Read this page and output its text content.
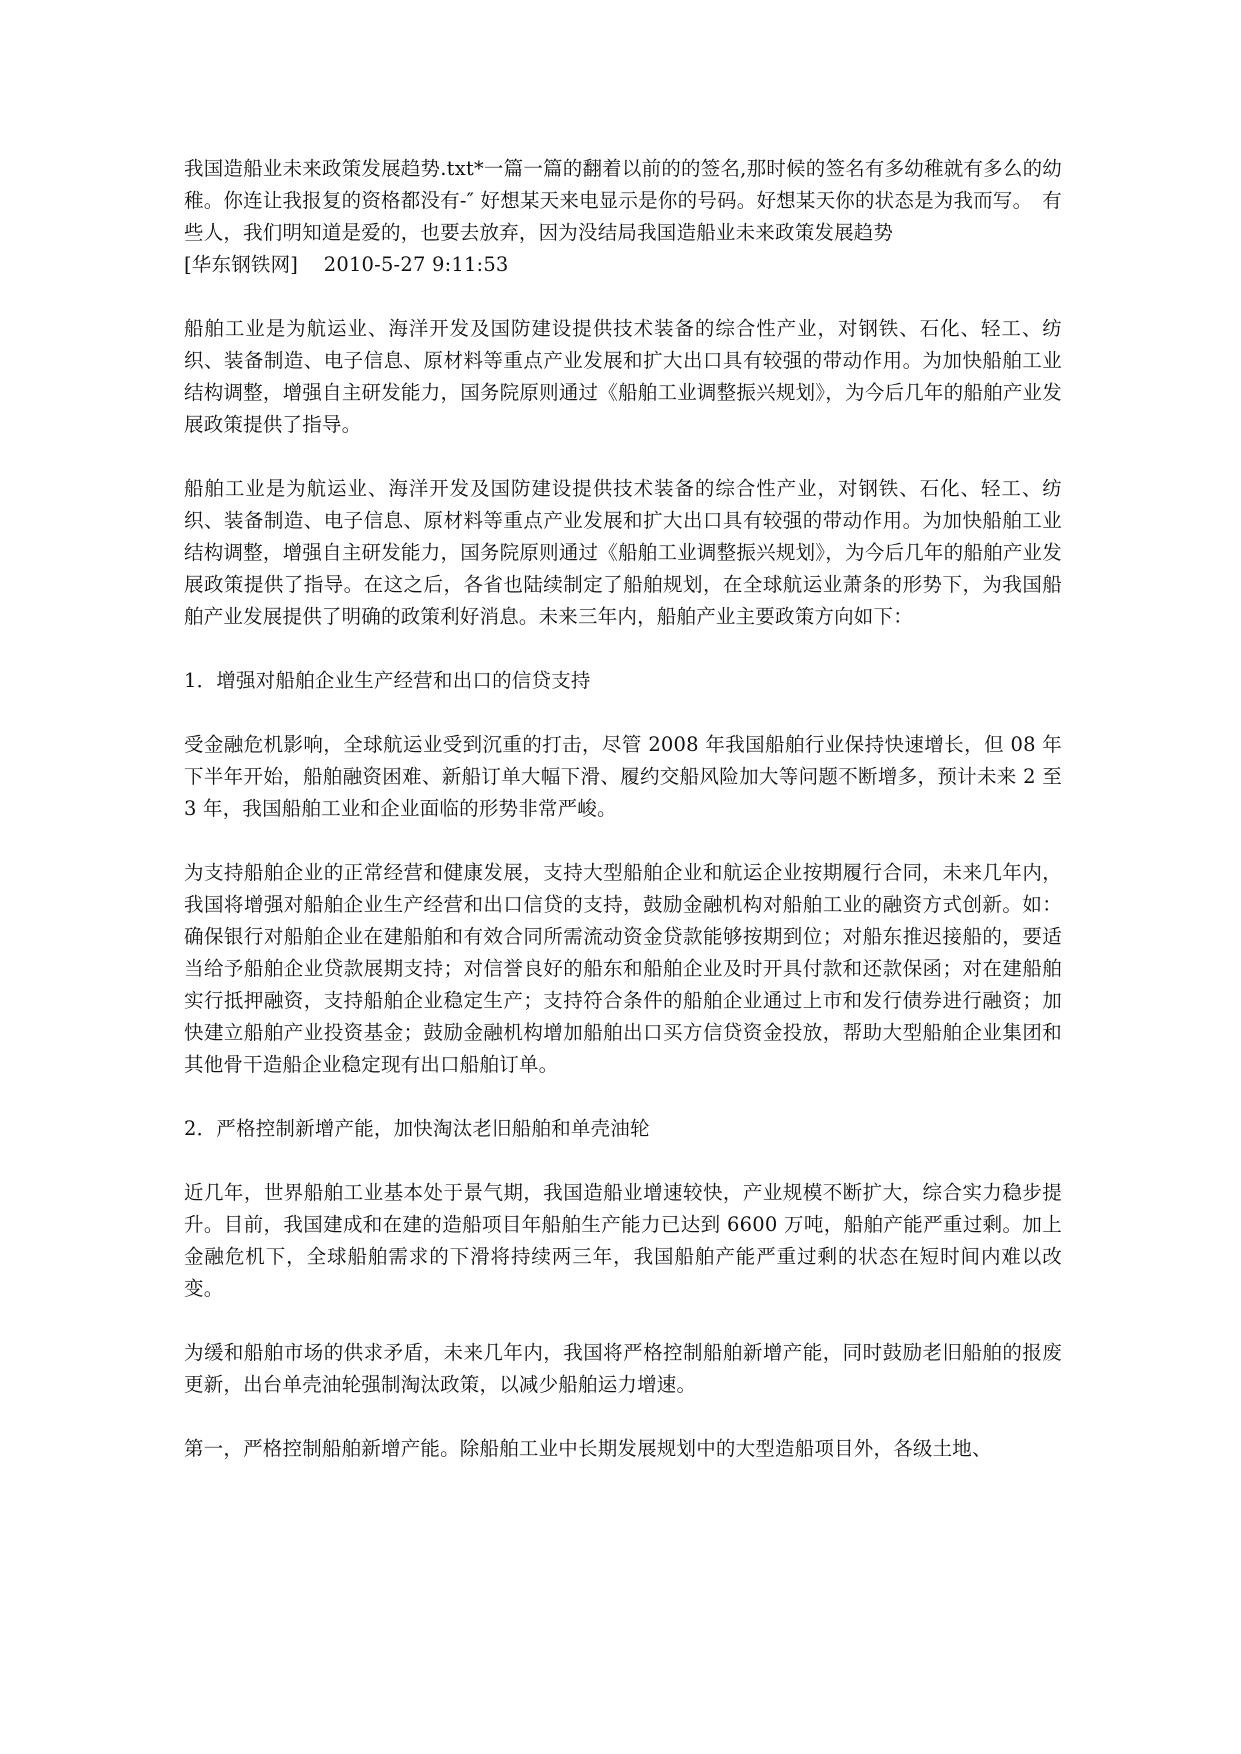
我国造船业未来政策发展趋势.txt*一篇一篇的翻着以前的的签名,那时候的签名有多幼稚就有多么的幼稚。你连让我报复的资格都没有-″ 好想某天来电显示是你的号码。好想某天你的状态是为我而写。　有些人，我们明知道是爱的，也要去放弃，因为没结局我国造船业未来政策发展趋势

[华东钢铁网] 2010-5-27 9:11:53

船舶工业是为航运业、海洋开发及国防建设提供技术装备的综合性产业，对钢铁、石化、轻工、纺织、装备制造、电子信息、原材料等重点产业发展和扩大出口具有较强的带动作用。为加快船舶工业结构调整，增强自主研发能力，国务院原则通过《船舶工业调整振兴规划》，为今后几年的船舶产业发展政策提供了指导。

船舶工业是为航运业、海洋开发及国防建设提供技术装备的综合性产业，对钢铁、石化、轻工、纺织、装备制造、电子信息、原材料等重点产业发展和扩大出口具有较强的带动作用。为加快船舶工业结构调整，增强自主研发能力，国务院原则通过《船舶工业调整振兴规划》，为今后几年的船舶产业发展政策提供了指导。在这之后，各省也陆续制定了船舶规划，在全球航运业萧条的形势下，为我国船舶产业发展提供了明确的政策利好消息。未来三年内，船舶产业主要政策方向如下：

1．增强对船舶企业生产经营和出口的信贷支持

受金融危机影响，全球航运业受到沉重的打击，尽管 2008 年我国船舶行业保持快速增长，但 08 年下半年开始，船舶融资困难、新船订单大幅下滑、履约交船风险加大等问题不断增多，预计未来 2 至 3 年，我国船舶工业和企业面临的形势非常严峻。

为支持船舶企业的正常经营和健康发展，支持大型船舶企业和航运企业按期履行合同，未来几年内，我国将增强对船舶企业生产经营和出口信贷的支持，鼓励金融机构对船舶工业的融资方式创新。如：确保银行对船舶企业在建船舶和有效合同所需流动资金贷款能够按期到位；对船东推迟接船的，要适当给予船舶企业贷款展期支持；对信誉良好的船东和船舶企业及时开具付款和还款保函；对在建船舶实行抵押融资，支持船舶企业稳定生产；支持符合条件的船舶企业通过上市和发行债券进行融资；加快建立船舶产业投资基金；鼓励金融机构增加船舶出口买方信贷资金投放，帮助大型船舶企业集团和其他骨干造船企业稳定现有出口船舶订单。

2．严格控制新增产能，加快淘汰老旧船舶和单壳油轮

近几年，世界船舶工业基本处于景气期，我国造船业增速较快，产业规模不断扩大，综合实力稳步提升。目前，我国建成和在建的造船项目年船舶生产能力已达到 6600 万吨，船舶产能严重过剩。加上金融危机下，全球船舶需求的下滑将持续两三年，我国船舶产能严重过剩的状态在短时间内难以改变。

为缓和船舶市场的供求矛盾，未来几年内，我国将严格控制船舶新增产能，同时鼓励老旧船舶的报废更新，出台单壳油轮强制淘汰政策，以减少船舶运力增速。

第一，严格控制船舶新增产能。除船舶工业中长期发展规划中的大型造船项目外，各级土地、
